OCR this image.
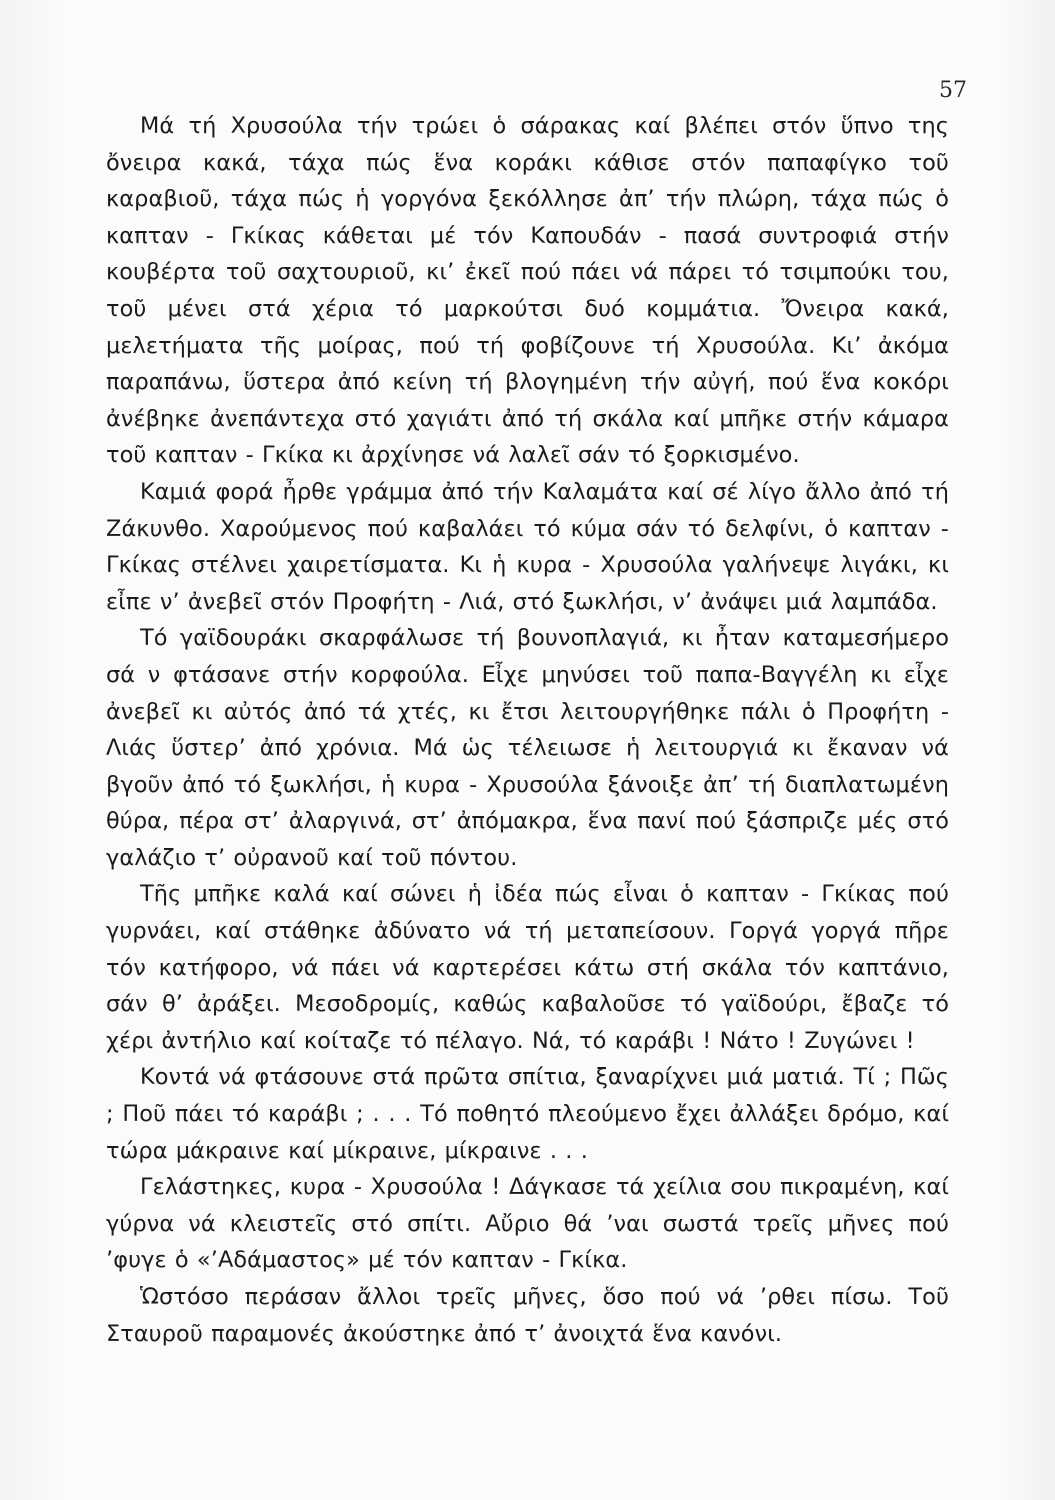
57

Μά τή Χρυσούλα τήν τρώει ὁ σάρακας καί βλέπει στόν ὕπνο της ὄνειρα κακά, τάχα πώς ἕνα κοράκι κάθισε στόν παπαφίγκο τοῦ καραβιοῦ, τάχα πώς ἡ γοργόνα ξεκόλλησε ἀπ’ τήν πλώρη, τάχα πώς ὁ καπταν - Γκίκας κάθεται μέ τόν Καπουδάν - πασά συντροφιά στήν κουβέρτα τοῦ σαχτουριοῦ, κι’ ἐκεῖ πού πάει νά πάρει τό τσιμπούκι του, τοῦ μένει στά χέρια τό μαρκούτσι δυό κομμάτια. Ὄνειρα κακά, μελετήματα τῆς μοίρας, πού τή φοβίζουνε τή Χρυσούλα. Κι’ ἀκόμα παραπάνω, ὕστερα ἀπό κείνη τή βλογημένη τήν αὐγή, πού ἕνα κοκόρι ἀνέβηκε ἀνεπάντεχα στό χαγιάτι ἀπό τή σκάλα καί μπῆκε στήν κάμαρα τοῦ καπταν - Γκίκα κι ἀρχίνησε νά λαλεῖ σάν τό ξορκισμένο.

Καμιά φορά ἦρθε γράμμα ἀπό τήν Καλαμάτα καί σέ λίγο ἄλλο ἀπό τή Ζάκυνθο. Χαρούμενος πού καβαλάει τό κύμα σάν τό δελφίνι, ὁ καπταν - Γκίκας στέλνει χαιρετίσματα. Κι ἡ κυρα - Χρυσούλα γαλήνεψε λιγάκι, κι εἶπε ν’ ἀνεβεῖ στόν Προφήτη - Λιά, στό ξωκλήσι, ν’ ἀνάψει μιά λαμπάδα.

Τό γαϊδουράκι σκαρφάλωσε τή βουνοπλαγιά, κι ἦταν καταμεσήμερο σά ν φτάσανε στήν κορφούλα. Εἶχε μηνύσει τοῦ παπα-Βαγγέλη κι εἶχε ἀνεβεῖ κι αὐτός ἀπό τά χτές, κι ἔτσι λειτουργήθηκε πάλι ὁ Προφήτη - Λιάς ὕστερ’ ἀπό χρόνια. Μά ὡς τέλειωσε ἡ λειτουργιά κι ἔκαναν νά βγοῦν ἀπό τό ξωκλήσι, ἡ κυρα - Χρυσούλα ξάνοιξε ἀπ’ τή διαπλατωμένη θύρα, πέρα στ’ ἀλαργινά, στ’ ἀπόμακρα, ἕνα πανί πού ξάσπριζε μές στό γαλάζιο τ’ οὐρανοῦ καί τοῦ πόντου.

Τῆς μπῆκε καλά καί σώνει ἡ ἰδέα πώς εἶναι ὁ καπταν - Γκίκας πού γυρνάει, καί στάθηκε ἀδύνατο νά τή μεταπείσουν. Γοργά γοργά πῆρε τόν κατήφορο, νά πάει νά καρτερέσει κάτω στή σκάλα τόν καπτάνιο, σάν θ’ ἀράξει. Μεσοδρομίς, καθώς καβαλοῦσε τό γαϊδούρι, ἔβαζε τό χέρι ἀντήλιο καί κοίταζε τό πέλαγο. Νά, τό καράβι ! Νάτο ! Ζυγώνει !

Κοντά νά φτάσουνε στά πρῶτα σπίτια, ξαναρίχνει μιά ματιά. Τί ; Πῶς ; Ποῦ πάει τό καράβι ; . . . Τό ποθητό πλεούμενο ἔχει ἀλλάξει δρόμο, καί τώρα μάκραινε καί μίκραινε, μίκραινε . . .

Γελάστηκες, κυρα - Χρυσούλα ! Δάγκασε τά χείλια σου πικραμένη, καί γύρνα νά κλειστεῖς στό σπίτι. Αὔριο θά ’ναι σωστά τρεῖς μῆνες πού ’φυγε ὁ «’Αδάμαστος» μέ τόν καπταν - Γκίκα.

Ὡστόσο περάσαν ἄλλοι τρεῖς μῆνες, ὅσο πού νά ’ρθει πίσω. Τοῦ Σταυροῦ παραμονές ἀκούστηκε ἀπό τ’ ἀνοιχτά ἕνα κανόνι.
